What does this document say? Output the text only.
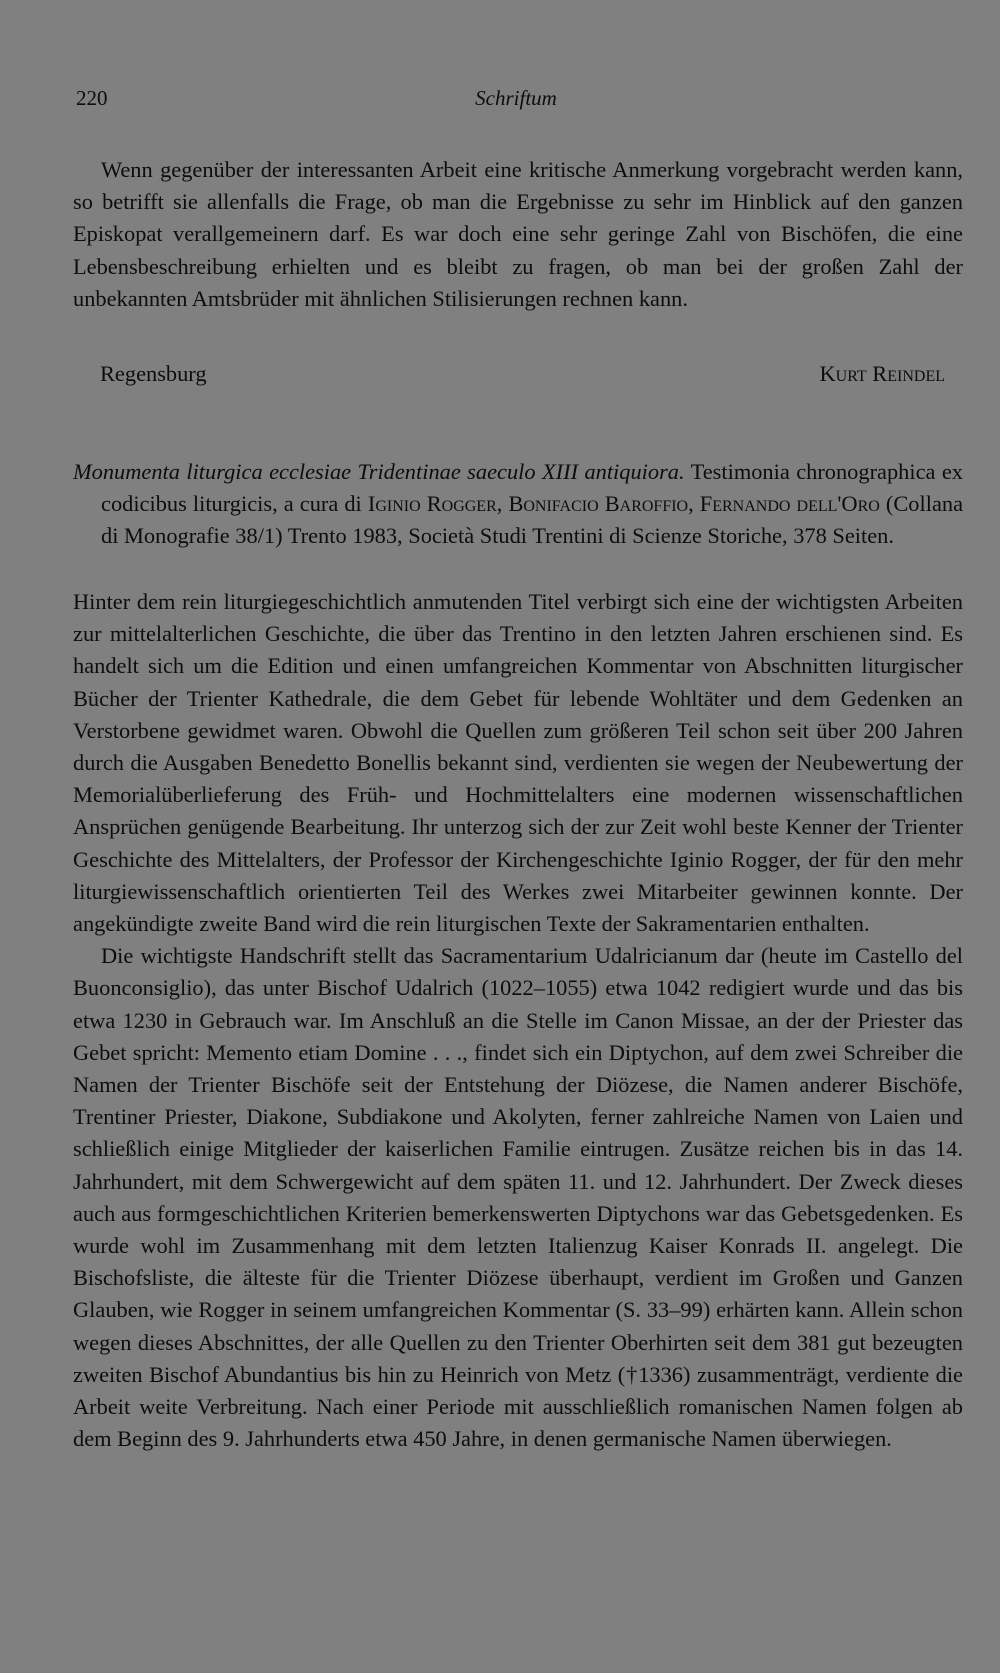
220	Schriftum

Wenn gegenüber der interessanten Arbeit eine kritische Anmerkung vorgebracht werden kann, so betrifft sie allenfalls die Frage, ob man die Ergebnisse zu sehr im Hinblick auf den ganzen Episkopat verallgemeinern darf. Es war doch eine sehr geringe Zahl von Bischöfen, die eine Lebensbeschreibung erhielten und es bleibt zu fragen, ob man bei der großen Zahl der unbekannten Amtsbrüder mit ähnlichen Stilisierungen rechnen kann.

Regensburg	Kurt Reindel

Monumenta liturgica ecclesiae Tridentinae saeculo XIII antiquiora. Testimonia chronographica ex codicibus liturgicis, a cura di Iginio Rogger, Bonifacio Baroffio, Fernando dell'Oro (Collana di Monografie 38/1) Trento 1983, Società Studi Trentini di Scienze Storiche, 378 Seiten.

Hinter dem rein liturgiegeschichtlich anmutenden Titel verbirgt sich eine der wichtigsten Arbeiten zur mittelalterlichen Geschichte, die über das Trentino in den letzten Jahren erschienen sind. Es handelt sich um die Edition und einen umfangreichen Kommentar von Abschnitten liturgischer Bücher der Trienter Kathedrale, die dem Gebet für lebende Wohltäter und dem Gedenken an Verstorbene gewidmet waren. Obwohl die Quellen zum größeren Teil schon seit über 200 Jahren durch die Ausgaben Benedetto Bonellis bekannt sind, verdienten sie wegen der Neubewertung der Memorialüberlieferung des Früh- und Hochmittelalters eine modernen wissenschaftlichen Ansprüchen genügende Bearbeitung. Ihr unterzog sich der zur Zeit wohl beste Kenner der Trienter Geschichte des Mittelalters, der Professor der Kirchengeschichte Iginio Rogger, der für den mehr liturgiewissenschaftlich orientierten Teil des Werkes zwei Mitarbeiter gewinnen konnte. Der angekündigte zweite Band wird die rein liturgischen Texte der Sakramentarien enthalten.

Die wichtigste Handschrift stellt das Sacramentarium Udalricianum dar (heute im Castello del Buonconsiglio), das unter Bischof Udalrich (1022–1055) etwa 1042 redigiert wurde und das bis etwa 1230 in Gebrauch war. Im Anschluß an die Stelle im Canon Missae, an der der Priester das Gebet spricht: Memento etiam Domine . . ., findet sich ein Diptychon, auf dem zwei Schreiber die Namen der Trienter Bischöfe seit der Entstehung der Diözese, die Namen anderer Bischöfe, Trentiner Priester, Diakone, Subdiakone und Akolyten, ferner zahlreiche Namen von Laien und schließlich einige Mitglieder der kaiserlichen Familie eintrugen. Zusätze reichen bis in das 14. Jahrhundert, mit dem Schwergewicht auf dem späten 11. und 12. Jahrhundert. Der Zweck dieses auch aus formgeschichtlichen Kriterien bemerkenswerten Diptychons war das Gebetsgedenken. Es wurde wohl im Zusammenhang mit dem letzten Italienzug Kaiser Konrads II. angelegt. Die Bischofsliste, die älteste für die Trienter Diözese überhaupt, verdient im Großen und Ganzen Glauben, wie Rogger in seinem umfangreichen Kommentar (S. 33–99) erhärten kann. Allein schon wegen dieses Abschnittes, der alle Quellen zu den Trienter Oberhirten seit dem 381 gut bezeugten zweiten Bischof Abundantius bis hin zu Heinrich von Metz (†1336) zusammenträgt, verdiente die Arbeit weite Verbreitung. Nach einer Periode mit ausschließlich romanischen Namen folgen ab dem Beginn des 9. Jahrhunderts etwa 450 Jahre, in denen germanische Namen überwiegen.
